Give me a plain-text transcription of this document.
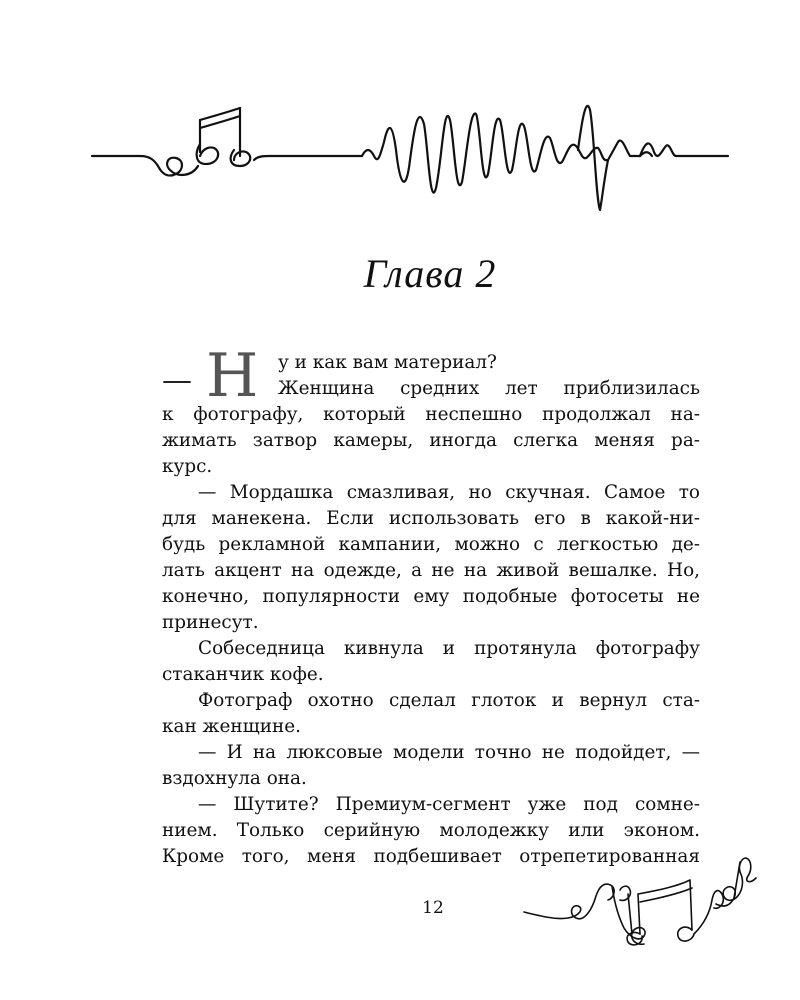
Глава 2
— Н у и как вам материал?
Женщина средних лет приблизилась
к фотографу, который неспешно продолжал на-
жимать затвор камеры, иногда слегка меняя ра-
курс.
— Мордашка смазливая, но скучная. Самое то
для манекена. Если использовать его в какой-ни-
будь рекламной кампании, можно с легкостью де-
лать акцент на одежде, а не на живой вешалке. Но,
конечно, популярности ему подобные фотосеты не
принесут.
Собеседница кивнула и протянула фотографу
стаканчик кофе.
Фотограф охотно сделал глоток и вернул ста-
кан женщине.
— И на люксовые модели точно не подойдет, —
вздохнула она.
— Шутите? Премиум-сегмент уже под сомне-
нием. Только серийную молодежку или эконом.
Кроме того, меня подбешивает отрепетированная
12
